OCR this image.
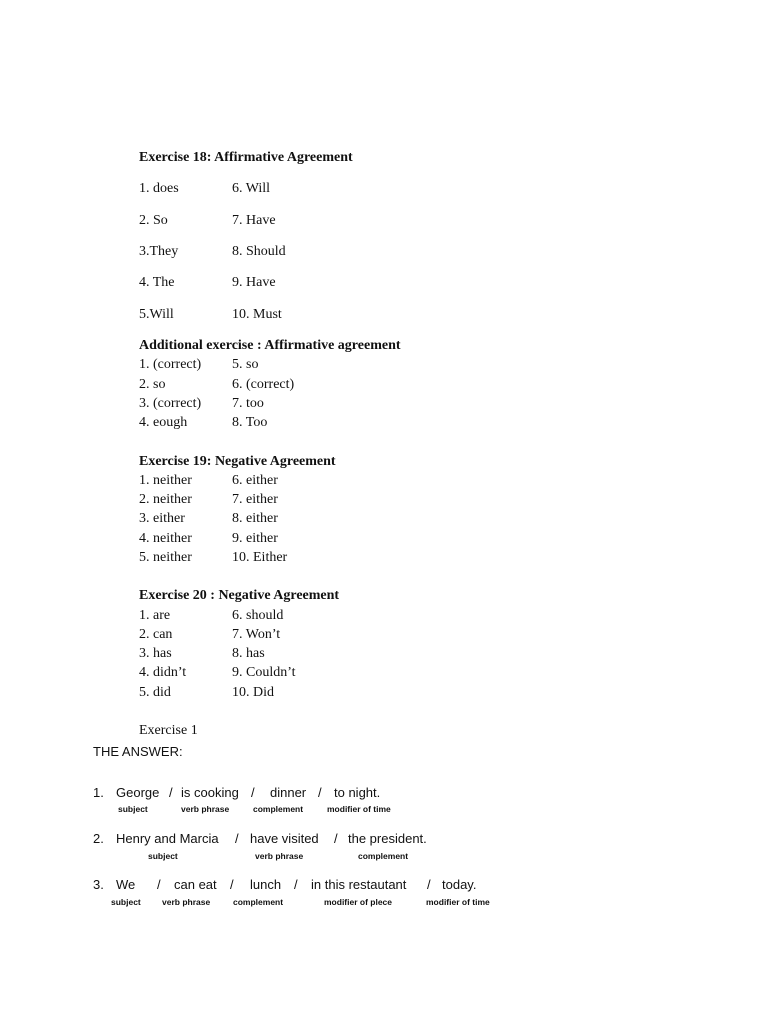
Exercise 18: Affirmative Agreement
1. does	6. Will
2. So	7. Have
3.They	8. Should
4. The	9. Have
5.Will	10. Must
Additional exercise : Affirmative agreement
1. (correct) 5. so
2. so	6. (correct)
3. (correct) 7. too
4. eough	8. Too
Exercise 19: Negative Agreement
1. neither	6. either
2. neither	7. either
3. either	8. either
4. neither	9. either
5. neither	10. Either
Exercise 20 : Negative Agreement
1. are	6. should
2. can	7. Won’t
3. has	8. has
4. didn’t	9. Couldn’t
5. did	10. Did
Exercise 1
THE ANSWER:
1. George / is cooking / dinner / to night.
subject	verb phrase	complement	modifier of time
2. Henry and Marcia / have visited / the president.
subject	verb phrase	complement
3. We / can eat / lunch / in this restautant / today.
subject verb phrase	complement	modifier of plece	modifier of time
